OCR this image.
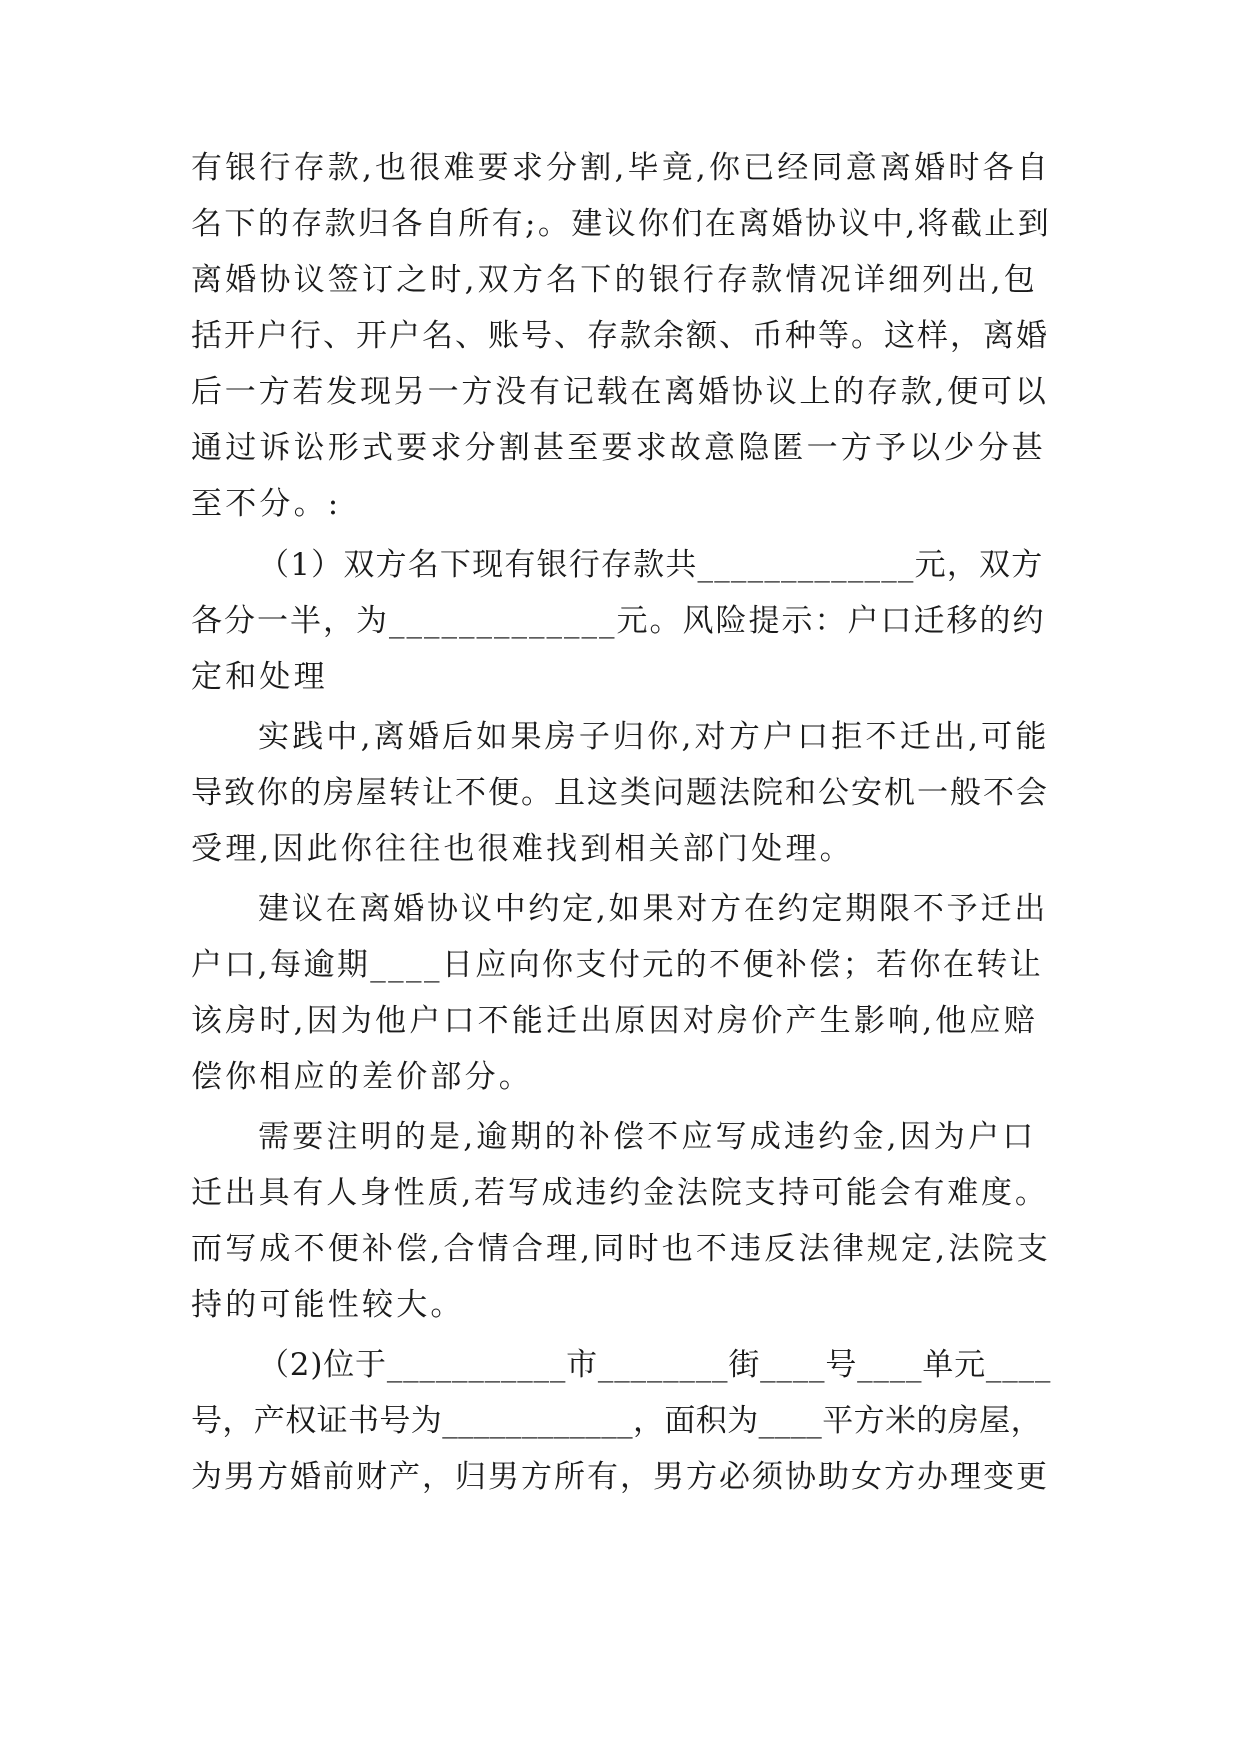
有银行存款,也很难要求分割,毕竟,你已经同意离婚时各自
名下的存款归各自所有;。建议你们在离婚协议中,将截止到
离婚协议签订之时,双方名下的银行存款情况详细列出,包
括开户行、开户名、账号、存款余额、币种等。这样，离婚
后一方若发现另一方没有记载在离婚协议上的存款,便可以
通过诉讼形式要求分割甚至要求故意隐匿一方予以少分甚
至不分。:
（1）双方名下现有银行存款共_____________元，双方
各分一半，为_____________元。风险提示：户口迁移的约
定和处理
实践中,离婚后如果房子归你,对方户口拒不迁出,可能
导致你的房屋转让不便。且这类问题法院和公安机一般不会
受理,因此你往往也很难找到相关部门处理。
建议在离婚协议中约定,如果对方在约定期限不予迁出
户口,每逾期____日应向你支付元的不便补偿；若你在转让
该房时,因为他户口不能迁出原因对房价产生影响,他应赔
偿你相应的差价部分。
需要注明的是,逾期的补偿不应写成违约金,因为户口
迁出具有人身性质,若写成违约金法院支持可能会有难度。
而写成不便补偿,合情合理,同时也不违反法律规定,法院支
持的可能性较大。
（2)位于___________市________街____号____单元____
号，产权证书号为____________，面积为____平方米的房屋，
为男方婚前财产，归男方所有，男方必须协助女方办理变更
